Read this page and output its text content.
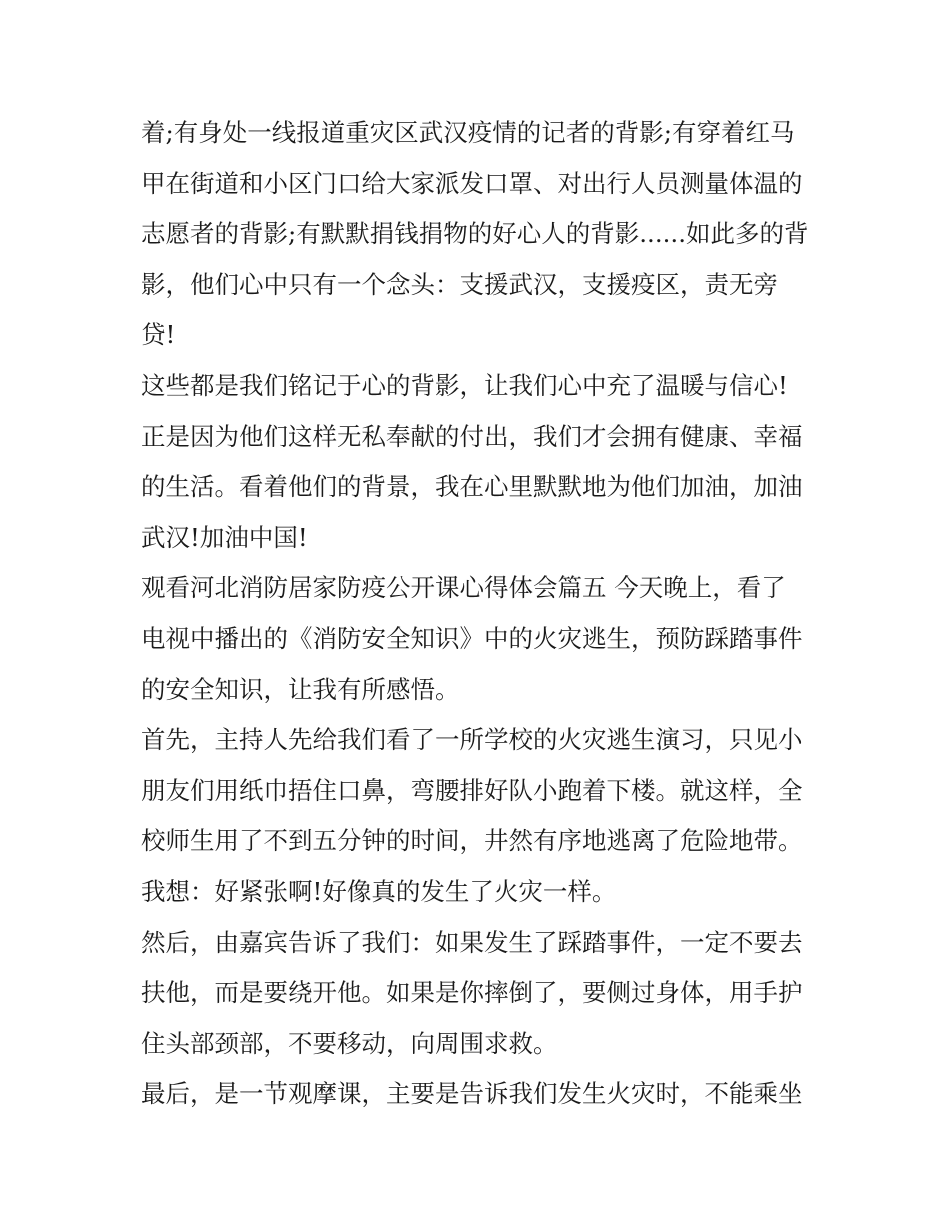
着;有身处一线报道重灾区武汉疫情的记者的背影;有穿着红马
甲在街道和小区门口给大家派发口罩、对出行人员测量体温的
志愿者的背影;有默默捐钱捐物的好心人的背影......如此多的背
影，他们心中只有一个念头：支援武汉，支援疫区，责无旁
贷!
这些都是我们铭记于心的背影，让我们心中充了温暖与信心!
正是因为他们这样无私奉献的付出，我们才会拥有健康、幸福
的生活。看着他们的背景，我在心里默默地为他们加油，加油
武汉!加油中国!
观看河北消防居家防疫公开课心得体会篇五 今天晚上，看了
电视中播出的《消防安全知识》中的火灾逃生，预防踩踏事件
的安全知识，让我有所感悟。
首先，主持人先给我们看了一所学校的火灾逃生演习，只见小
朋友们用纸巾捂住口鼻，弯腰排好队小跑着下楼。就这样，全
校师生用了不到五分钟的时间，井然有序地逃离了危险地带。
我想：好紧张啊!好像真的发生了火灾一样。
然后，由嘉宾告诉了我们：如果发生了踩踏事件，一定不要去
扶他，而是要绕开他。如果是你摔倒了，要侧过身体，用手护
住头部颈部，不要移动，向周围求救。
最后，是一节观摩课，主要是告诉我们发生火灾时，不能乘坐
